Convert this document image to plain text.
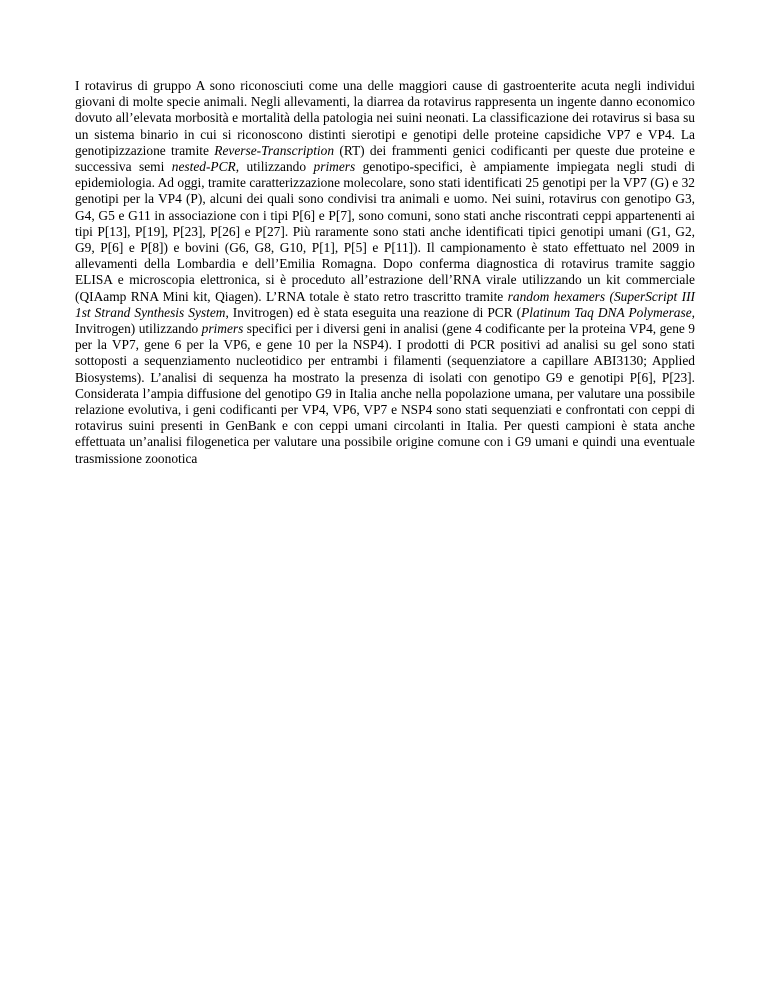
I rotavirus di gruppo A sono riconosciuti come una delle maggiori cause di gastroenterite acuta negli individui giovani di molte specie animali. Negli allevamenti, la diarrea da rotavirus rappresenta un ingente danno economico dovuto all’elevata morbosità e mortalità della patologia nei suini neonati. La classificazione dei rotavirus si basa su un sistema binario in cui si riconoscono distinti sierotipi e genotipi delle proteine capsidiche VP7 e VP4. La genotipizzazione tramite Reverse-Transcription (RT) dei frammenti genici codificanti per queste due proteine e successiva semi nested-PCR, utilizzando primers genotipo-specifici, è ampiamente impiegata negli studi di epidemiologia. Ad oggi, tramite caratterizzazione molecolare, sono stati identificati 25 genotipi per la VP7 (G) e 32 genotipi per la VP4 (P), alcuni dei quali sono condivisi tra animali e uomo. Nei suini, rotavirus con genotipo G3, G4, G5 e G11 in associazione con i tipi P[6] e P[7], sono comuni, sono stati anche riscontrati ceppi appartenenti ai tipi P[13], P[19], P[23], P[26] e P[27]. Più raramente sono stati anche identificati tipici genotipi umani (G1, G2, G9, P[6] e P[8]) e bovini (G6, G8, G10, P[1], P[5] e P[11]). Il campionamento è stato effettuato nel 2009 in allevamenti della Lombardia e dell’Emilia Romagna. Dopo conferma diagnostica di rotavirus tramite saggio ELISA e microscopia elettronica, si è proceduto all’estrazione dell’RNA virale utilizzando un kit commerciale (QIAamp RNA Mini kit, Qiagen). L’RNA totale è stato retro trascritto tramite random hexamers (SuperScript III 1st Strand Synthesis System, Invitrogen) ed è stata eseguita una reazione di PCR (Platinum Taq DNA Polymerase, Invitrogen) utilizzando primers specifici per i diversi geni in analisi (gene 4 codificante per la proteina VP4, gene 9 per la VP7, gene 6 per la VP6, e gene 10 per la NSP4). I prodotti di PCR positivi ad analisi su gel sono stati sottoposti a sequenziamento nucleotidico per entrambi i filamenti (sequenziatore a capillare ABI3130; Applied Biosystems). L’analisi di sequenza ha mostrato la presenza di isolati con genotipo G9 e genotipi P[6], P[23]. Considerata l’ampia diffusione del genotipo G9 in Italia anche nella popolazione umana, per valutare una possibile relazione evolutiva, i geni codificanti per VP4, VP6, VP7 e NSP4 sono stati sequenziati e confrontati con ceppi di rotavirus suini presenti in GenBank e con ceppi umani circolanti in Italia. Per questi campioni è stata anche effettuata un’analisi filogenetica per valutare una possibile origine comune con i G9 umani e quindi una eventuale trasmissione zoonotica
